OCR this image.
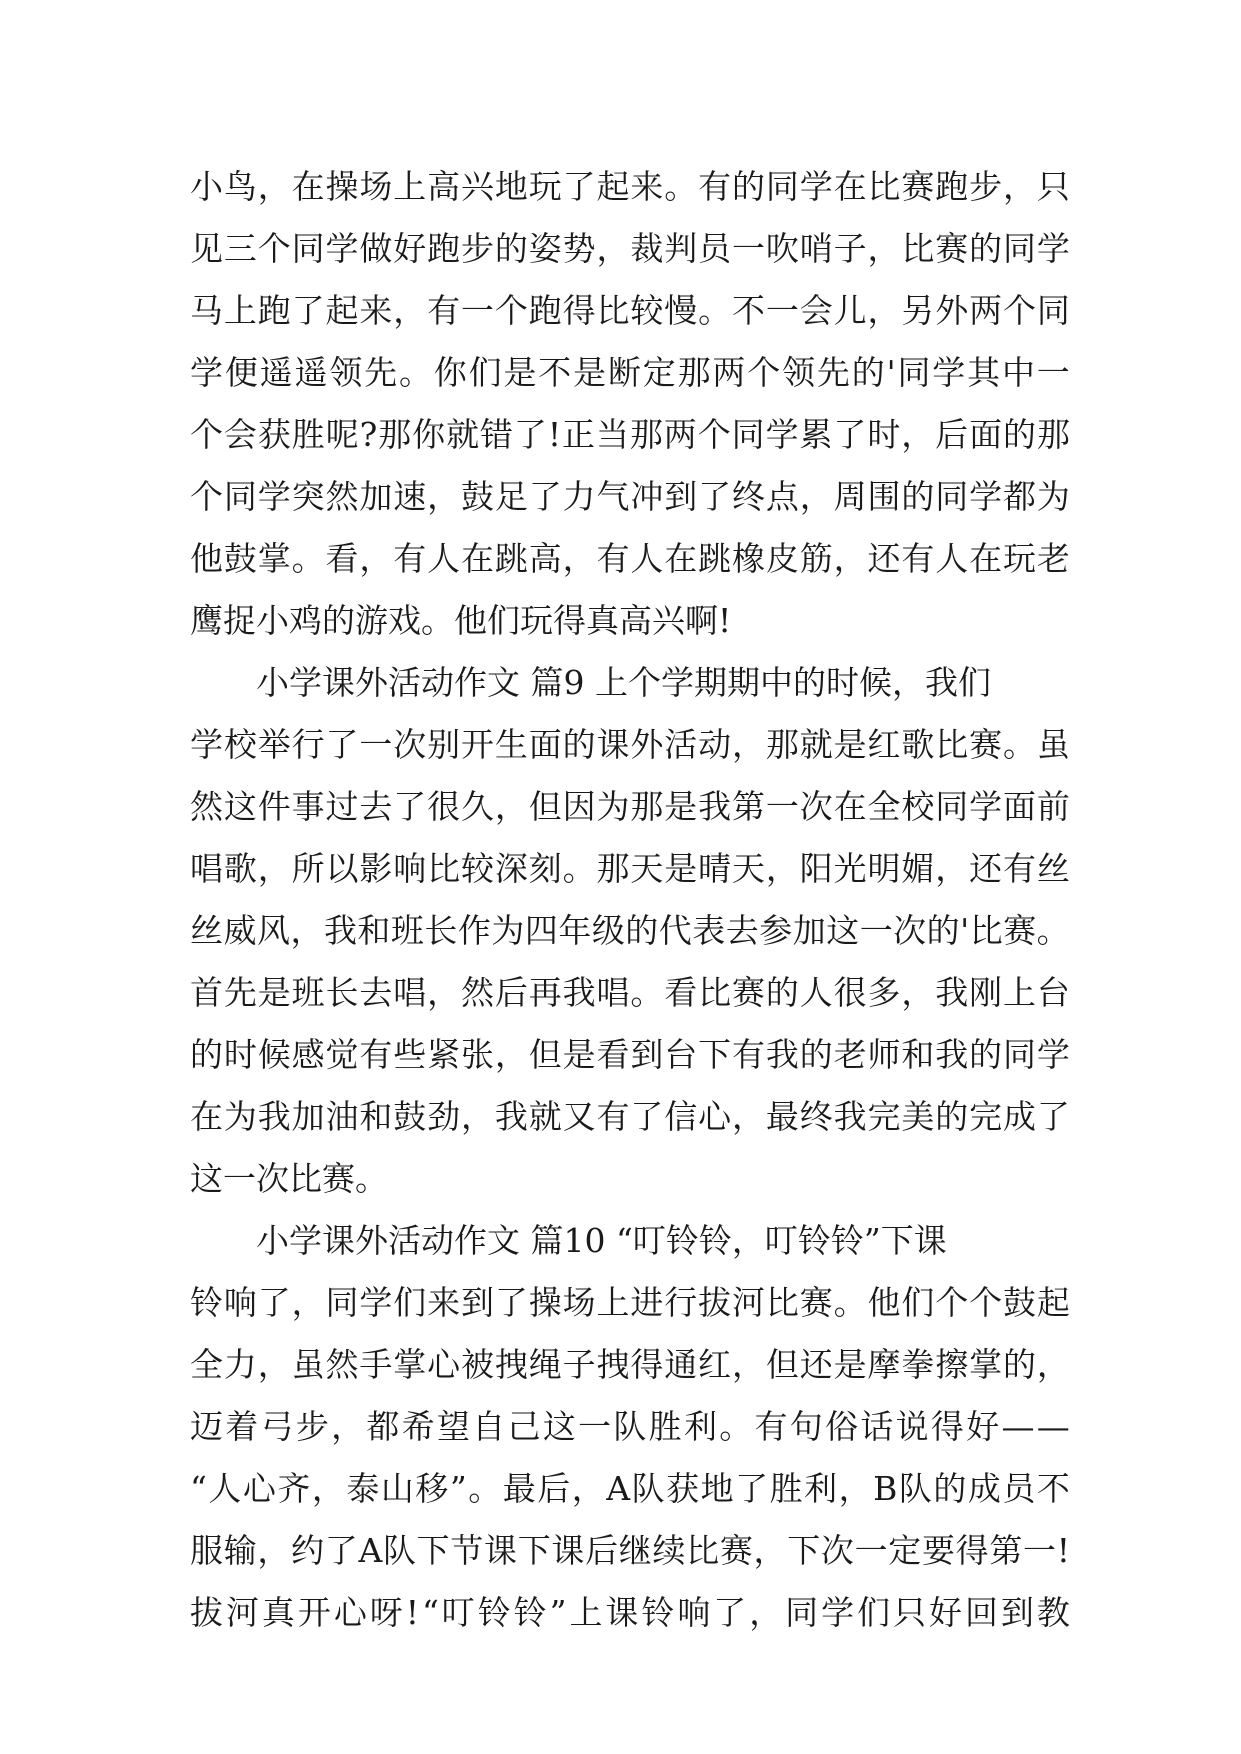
小 鸟 ， 在 操 场 上 高 兴 地 玩 了 起 来 。 有 的 同 学 在 比 赛 跑 步 ， 只
见 三 个 同 学 做 好 跑 步 的 姿 势 ， 裁 判 员 一 吹 哨 子 ， 比 赛 的 同 学
马 上 跑 了 起 来 ， 有 一 个 跑 得 比 较 慢 。 不 一 会 儿 ， 另 外 两 个 同
学 便 遥 遥 领 先 。 你 们 是 不 是 断 定 那 两 个 领 先 的 ' 同 学 其 中 一
个 会 获 胜 呢 ? 那 你 就 错 了 ! 正 当 那 两 个 同 学 累 了 时 ， 后 面 的 那
个 同 学 突 然 加 速 ， 鼓 足 了 力 气 冲 到 了 终 点 ， 周 围 的 同 学 都 为
他 鼓 掌 。 看 ， 有 人 在 跳 高 ， 有 人 在 跳 橡 皮 筋 ， 还 有 人 在 玩 老
鹰捉小鸡的游戏。他们玩得真高兴啊!
小学课外活动作文 篇9 上个学期期中的时候，我们
学 校 举 行 了 一 次 别 开 生 面 的 课 外 活 动 ， 那 就 是 红 歌 比 赛 。 虽
然 这 件 事 过 去 了 很 久 ， 但 因 为 那 是 我 第 一 次 在 全 校 同 学 面 前
唱 歌 ， 所 以 影 响 比 较 深 刻 。 那 天 是 晴 天 ， 阳 光 明 媚 ， 还 有 丝
丝 威 风 ， 我 和 班 长 作 为 四 年 级 的 代 表 去 参 加 这 一 次 的 ' 比 赛 。
首 先 是 班 长 去 唱 ， 然 后 再 我 唱 。 看 比 赛 的 人 很 多 ， 我 刚 上 台
的 时 候 感 觉 有 些 紧 张 ， 但 是 看 到 台 下 有 我 的 老 师 和 我 的 同 学
在 为 我 加 油 和 鼓 劲 ， 我 就 又 有 了 信 心 ， 最 终 我 完 美 的 完 成 了
这一次比赛。
小学课外活动作文 篇10 “叮铃铃，叮铃铃”下课
铃 响 了 ， 同 学 们 来 到 了 操 场 上 进 行 拔 河 比 赛 。 他 们 个 个 鼓 起
全 力 ， 虽 然 手 掌 心 被 拽 绳 子 拽 得 通 红 ， 但 还 是 摩 拳 擦 掌 的 ，
迈 着 弓 步 ， 都 希 望 自 己 这 一 队 胜 利 。 有 句 俗 话 说 得 好 — —
“ 人 心 齐 ， 泰 山 移 ” 。 最 后 ， A 队 获 地 了 胜 利 ， B 队 的 成 员 不
服 输 ， 约 了 A 队 下 节 课 下 课 后 继 续 比 赛 ， 下 次 一 定 要 得 第 一 !
拔 河 真 开 心 呀 ! “ 叮 铃 铃 ” 上 课 铃 响 了 ， 同 学 们 只 好 回 到 教
